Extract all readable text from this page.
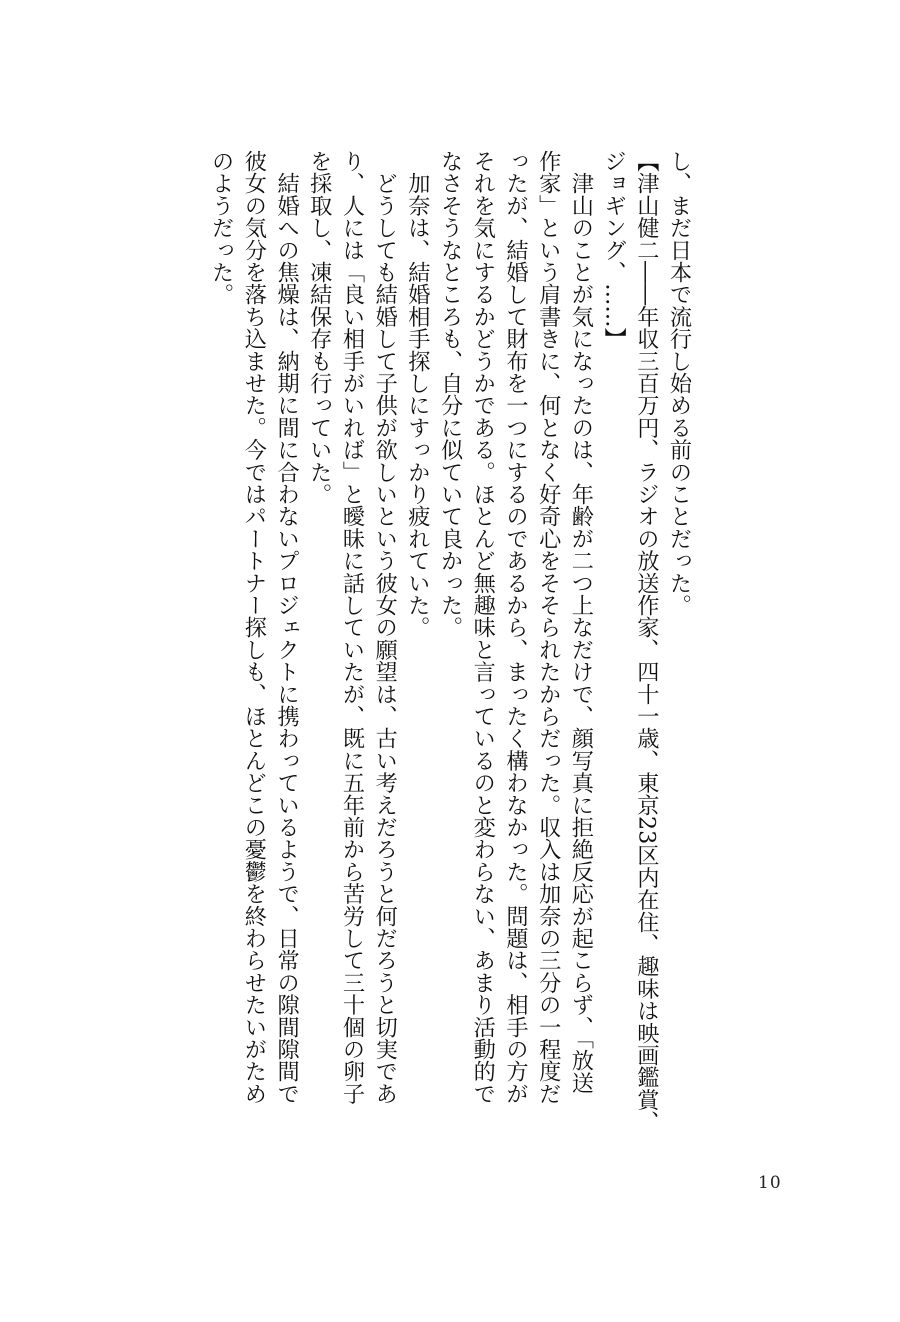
し、まだ日本で流行し始める前のことだった。
【津山健二――年収三百万円、ラジオの放送作家、四十一歳、東京23区内在住、趣味は映画鑑賞、
ジョギング、……】
　津山のことが気になったのは、年齢が二つ上なだけで、顔写真に拒絶反応が起こらず、「放送
作家」という肩書きに、何となく好奇心をそそられたからだった。収入は加奈の三分の一程度だ
ったが、結婚して財布を一つにするのであるから、まったく構わなかった。問題は、相手の方が
それを気にするかどうかである。ほとんど無趣味と言っているのと変わらない、あまり活動的で
なさそうなところも、自分に似ていて良かった。
　加奈は、結婚相手探しにすっかり疲れていた。
　どうしても結婚して子供が欲しいという彼女の願望は、古い考えだろうと何だろうと切実であ
り、人には「良い相手がいれば」と曖昧に話していたが、既に五年前から苦労して三十個の卵子
を採取し、凍結保存も行っていた。
　結婚への焦燥は、納期に間に合わないプロジェクトに携わっているようで、日常の隙間隙間で
彼女の気分を落ち込ませた。今ではパートナー探しも、ほとんどこの憂鬱を終わらせたいがため
のようだった。
10
